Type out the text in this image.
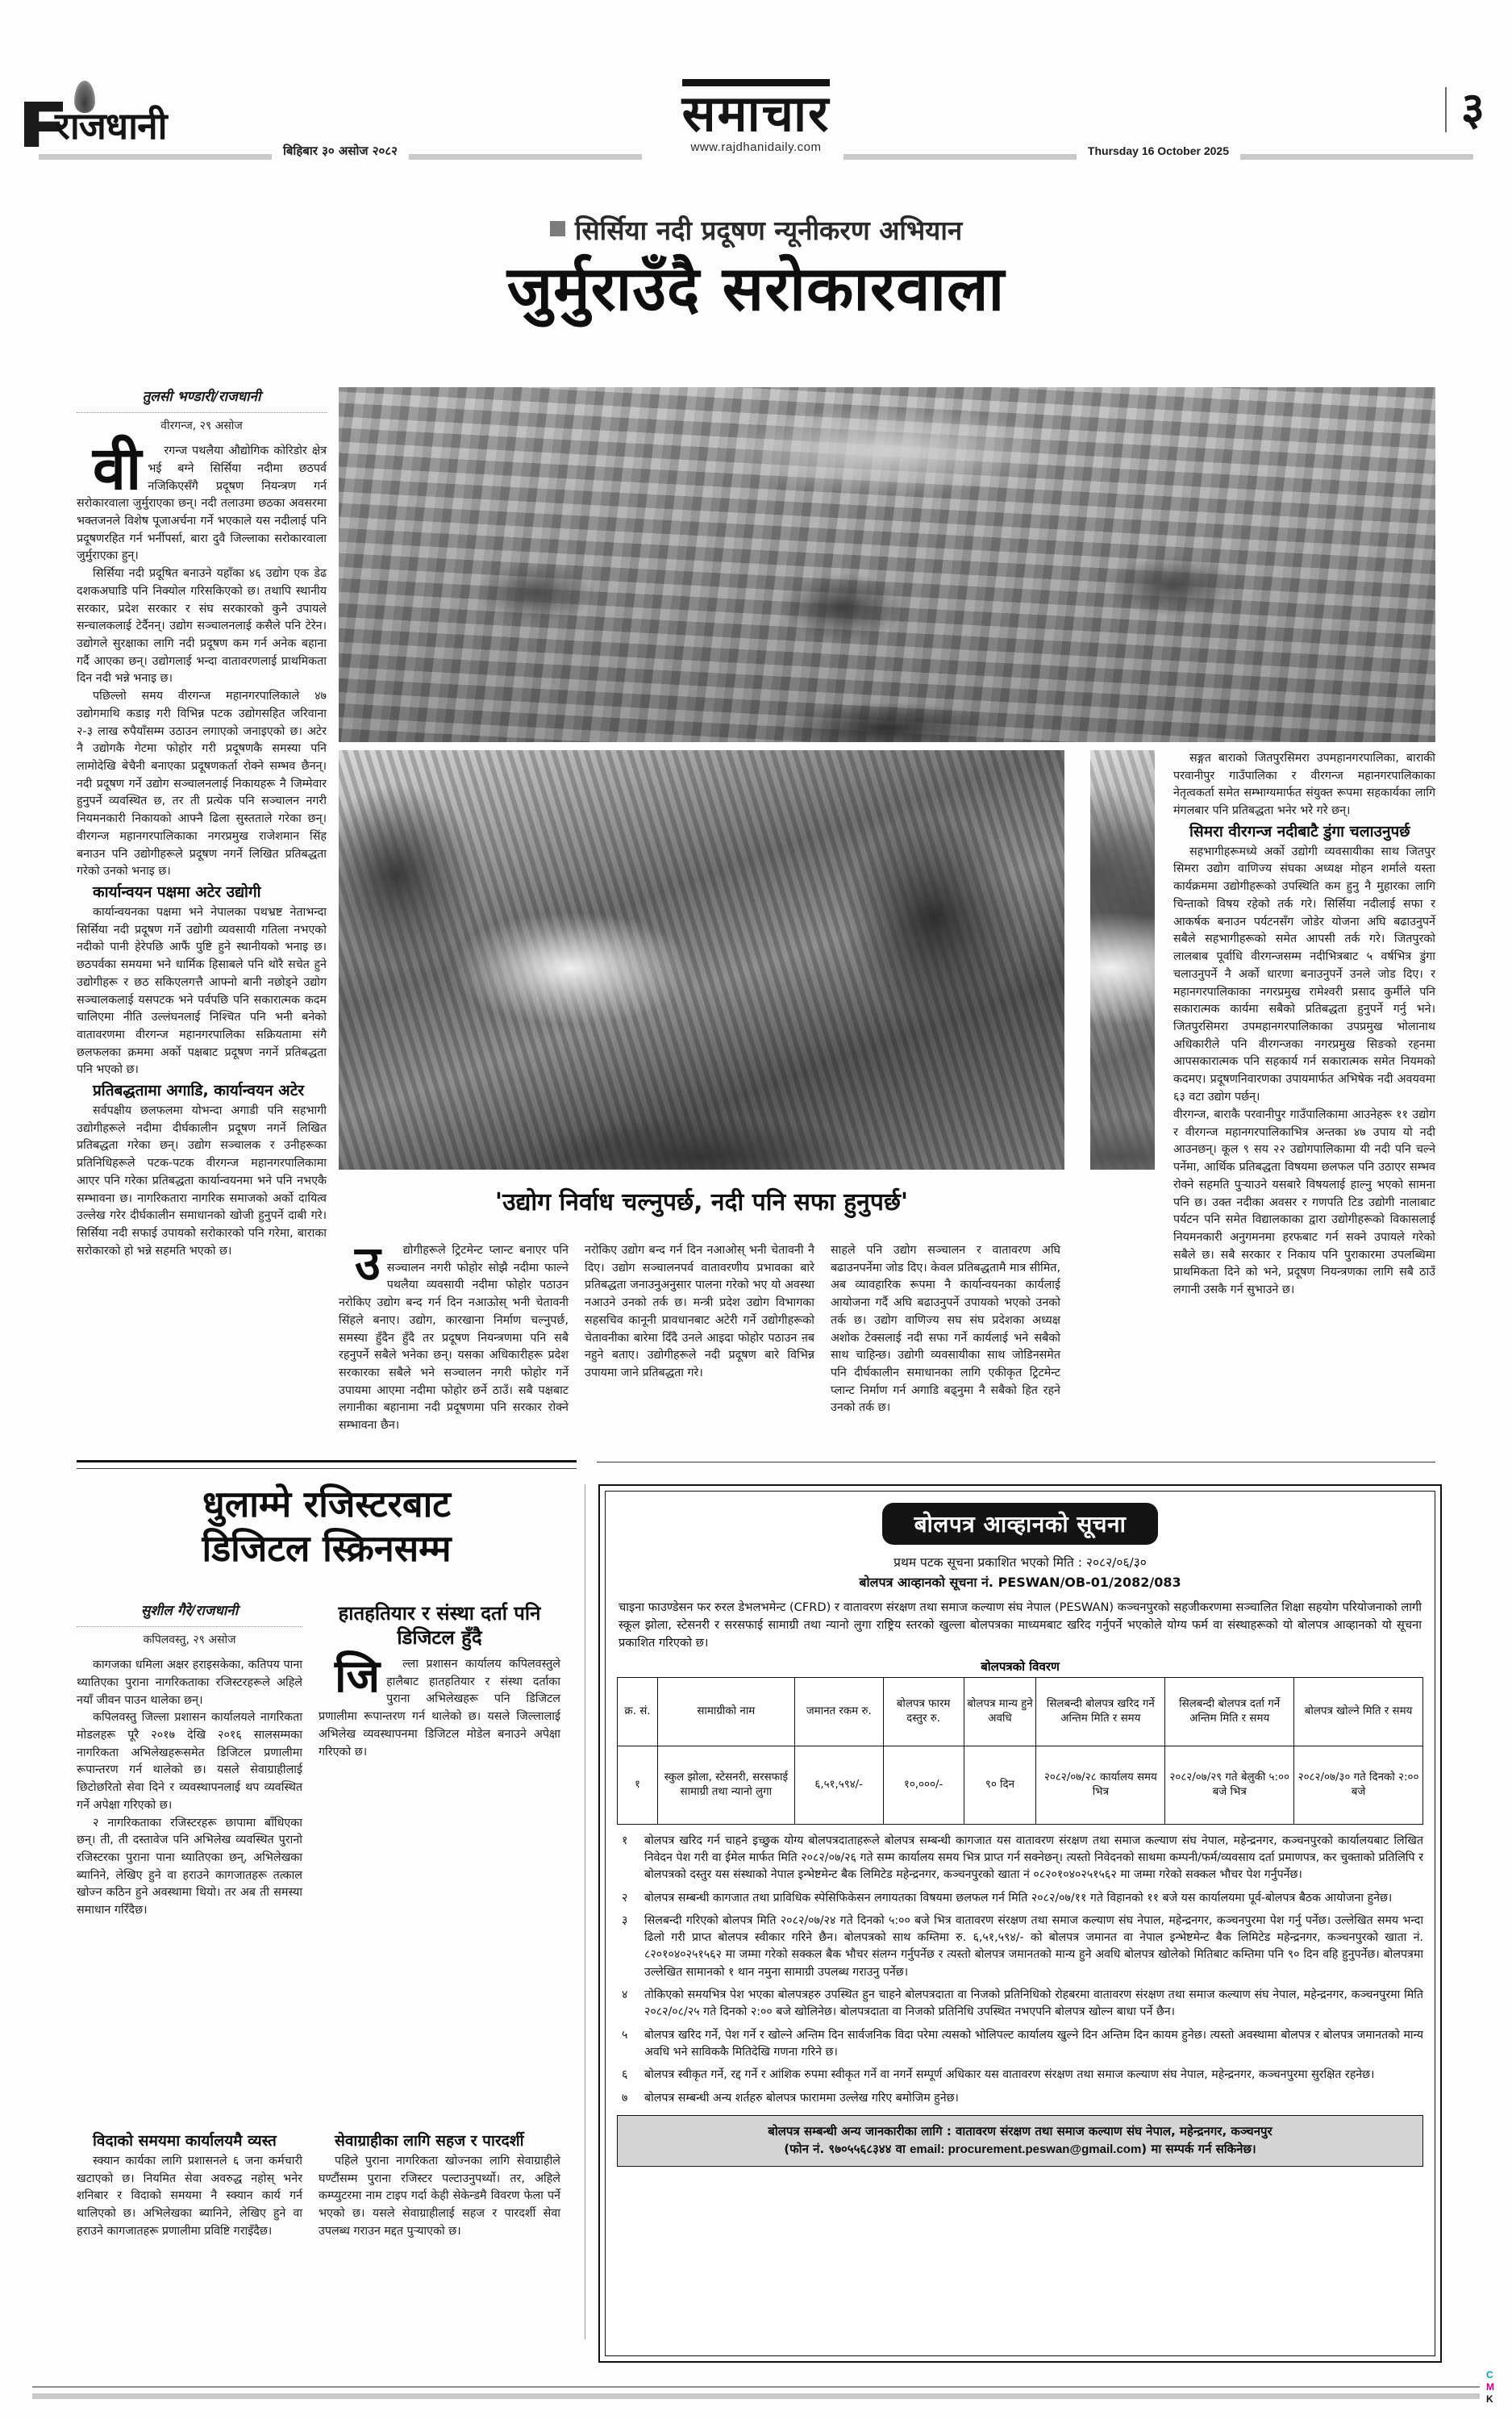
राजधानी	समाचार
www.rajdhanidaily.com
बिहिबार ३० असोज २०८२	Thursday 16 October 2025
३
सिर्सिया नदी प्रदूषण न्यूनीकरण अभियान
जुर्मुराउँदै सरोकारवाला
तुलसी भण्डारी/राजधानी
वीरगन्ज, २९ असोज

वी रगन्ज पथलैया औद्योगिक कोरिडोर क्षेत्र भई बग्ने सिर्सिया नदीमा छठपर्व नजिकिएसँगै प्रदूषण नियन्त्रण गर्न सरोकारवाला जुर्मुराएका छन्। नदी तलाउमा छठका अवसरमा भक्तजनले विशेष पूजाअर्चना गर्ने भएकाले यस नदीलाई पनि प्रदूषणरहित गर्न भर्नीपर्सा, बारा दुवै जिल्लाका सरोकारवाला जुर्मुराएका हुन्।

सिर्सिया नदी प्रदूषित बनाउने यहाँका ४६ उद्योग एक डेढ दशकअघाडि पनि निक्योल गरिसकिएको छ। तथापि स्थानीय सरकार, प्रदेश सरकार र संघ सरकारको कुनै उपायले सन्चालकलाई टेर्दैनन्। उद्योग सञ्चालनलाई कसैले पनि टेरेन। उद्योगले सुरक्षाका लागि नदी प्रदूषण कम गर्न अनेक बहाना गर्दै आएका छन्। उद्योगलाई भन्दा वातावरणलाई प्राथमिकता दिन नदी भन्ने भनाइ छ।

पछिल्लो समय वीरगन्ज महानगरपालिकाले ४७ उद्योगमाथि कडाइ गरी विभिन्न पटक उद्योगसहित जरिवाना २-३ लाख रुपैयाँसम्म उठाउन लगाएको जनाइएको छ। अटेर नै उद्योगकै गेटमा फोहोर गरी प्रदूषणकै समस्या पनि लामोदेखि बेचैनी बनाएका प्रदूषणकर्ता रोक्ने सम्भव छैनन्। नदी प्रदूषण गर्ने उद्योग सञ्चालनलाई निकायहरू नै जिम्मेवार हुनुपर्ने व्यवस्थित छ, तर ती प्रत्येक पनि सञ्चालन नगरी नियमनकारी निकायको आफ्नै ढिला सुस्तताले गरेका छन्। वीरगन्ज महानगरपालिकाका नगरप्रमुख राजेशमान सिंह बनाउन पनि उद्योगीहरूले प्रदूषण नगर्ने लिखित प्रतिबद्धता गरेको उनको भनाइ छ।

कार्यान्वयन पक्षमा अटेर उद्योगी

कार्यान्वयनका पक्षमा भने नेपालका पथभ्रष्ट नेताभन्दा सिर्सिया नदी प्रदूषण गर्ने उद्योगी व्यवसायी गतिला नभएको नदीको पानी हेरेपछि आफैं पुष्टि हुने स्थानीयको भनाइ छ। छठपर्वका समयमा भने धार्मिक हिसाबले पनि थोरै सचेत हुने उद्योगीहरू र छठ सकिएलगत्तै आफ्नो बानी नछोड्ने उद्योग सञ्चालकलाई यसपटक भने पर्वपछि पनि सकारात्मक कदम चालिएमा नीति उल्लंघनलाई निश्चित पनि भनी बनेको वातावरणमा वीरगन्ज महानगरपालिका सक्रियतामा संगै छलफलका क्रममा अर्को पक्षबाट प्रदूषण नगर्ने प्रतिबद्धता पनि भएको छ।

प्रतिबद्धतामा अगाडि, कार्यान्वयन अटेर

सर्वपक्षीय छलफलमा योभन्दा अगाडी पनि सहभागी उद्योगीहरूले नदीमा दीर्घकालीन प्रदूषण नगर्ने लिखित प्रतिबद्धता गरेका छन्। उद्योग सञ्चालक र उनीहरूका प्रतिनिधिहरूले पटक-पटक वीरगन्ज महानगरपालिकामा आएर पनि गरेका प्रतिबद्धता कार्यान्वयनमा भने पनि नभएकै सम्भावना छ। नागरिकतारा नागरिक समाजको अर्को दायित्व उल्लेख गरेर दीर्घकालीन समाधानको खोजी हुनुपर्ने दाबी गरे। सिर्सिया नदी सफाई उपायकोे सरोकारको पनि गरेमा, बाराका सरोकारको हो भन्ने सहमति भएको छ।

सङ्गत बाराको जितपुरसिमरा उपमहानगरपालिका, बाराकी परवानीपुर गाउँपालिका र वीरगन्ज महानगरपालिकाका नेतृत्वकर्ता समेत सम्भाग्यमार्फत संयुक्त रूपमा सहकार्यका लागि मंगलबार पनि प्रतिबद्धता भनेर भरेे गरेे छन्।

सिमरा वीरगन्ज नदीबाटै डुंगा चलाउनुपर्छ

सहभागीहरूमध्ये अर्को उद्योगी व्यवसायीका साथ जितपुर सिमरा उद्योग वाणिज्य संघका अध्यक्ष मोहन शर्माले यस्ता कार्यक्रममा उद्योगीहरूको उपस्थिति कम हुनु नै मुहारका लागि चिन्ताको विषय रहेको तर्क गरे। सिर्सिया नदीलाई सफा र आकर्षक बनाउन पर्यटनसँग जोडेर योजना अघि बढाउनुपर्ने सबैले सहभागीहरूको समेत आपसी तर्क गरे। जितपुरको लालबाब पूर्वाधि वीरगन्जसम्म नदीभित्रबाट ५ वर्षभित्र डुंगा चलाउनुपर्ने नै अर्को धारणा बनाउनुपर्ने उनले जोड दिए। र महानगरपालिकाका नगरप्रमुख रामेश्वरी प्रसाद कुर्मीले पनि सकारात्मक कार्यमा सबैको प्रतिबद्धता हुनुपर्ने गर्नु भने। जितपुरसिमरा उपमहानगरपालिकाका उपप्रमुख भोलानाथ अधिकारीले पनि वीरगन्जका नगरप्रमुख सिङको रहनमा आपसकारात्मक पनि सहकार्य गर्न सकारात्मक समेत नियमको कदमए। प्रदूषणनिवारणका उपायमार्फत अभिषेक नदी अवयवमा ६३ वटा उद्योग पर्छन्।

'उद्योग निर्वाध चल्नुपर्छ, नदी पनि सफा हुनुपर्छ'

उ द्योगीहरूले ट्रिटमेन्ट प्लान्ट बनाएर पनि सञ्चालन नगरी फोहोर सोझै नदीमा फाल्ने पथलैया व्यवसायी नदीमा फोहोर पठाउन नरोकिए उद्योग बन्द गर्न दिन नआऊोस् भनी चेतावनी सिंहले बनाए। उद्योग, कारखाना निर्माण चल्नुपर्छ, समस्या हुँदैन हुँदै तर प्रदूषण नियन्त्रणमा पनि सबै रहनुपर्ने सबैले भनेका छन्। यसका अधिकारीहरू प्रदेश सरकारका सबैले भने सञ्चालन नगरी फोहोर गर्ने उपायमा आएमा नदीमा फोहोर छर्ने ठाउँ। सबै पक्षबाट लगानीका बहानामा नदी प्रदूषणमा पनि सरकार रोक्ने सम्भावना छैन।

नरोकिए उद्योग बन्द गर्न दिन नआओस् भनी चेतावनी नै दिए। उद्योग सञ्चालनपर्व वातावरणीय प्रभावका बारे प्रतिबद्धता जनाउनुअनुसार पालना गरेको भए यो अवस्था नआउने उनको तर्क छ। मन्त्री प्रदेश उद्योग विभागका सहसचिव कानूनी प्रावधानबाट अटेरी गर्ने उद्योगीहरूको चेतावनीका बारेमा दिँदै उनले आइदा फोहोर पठाउन ऩब नहुने बताए। उद्योगीहरूले नदी प्रदूषण बारे विभिन्न उपायमा जाने प्रतिबद्धता गरे।

साहले पनि उद्योग सञ्चालन र वातावरण अघि बढाउनपर्नेमा जोड दिए। केवल प्रतिबद्धतामै मात्र सीमित, अब व्यावहारिक रूपमा नै कार्यान्वयनका कार्यलाई आयोजना गर्दै अघि बढाउनुपर्ने उपायको भएको उनको तर्क छ। उद्योग वाणिज्य सघ संघ प्रदेशका अध्यक्ष अशोक टेक्सलाई नदी सफा गर्ने कार्यलाई भने सबैको साथ चाहिन्छ। उद्योगी व्यवसायीका साथ जोडिनसमेत पनि दीर्घकालीन समाधानका लागि एकीकृत ट्रिटमेन्ट प्लान्ट निर्माण गर्न अगाडि बढ्नुमा नै सबैको हित रहने उनको तर्क छ।

वीरगन्ज, बाराकै परवानीपुर गाउँपालिकामा आउनेहरू ११ उद्योग र वीरगन्ज महानगरपालिकाभित्र अन्तका ४७ उपाय यो नदी आउनछन्। कूल ९ सय २२ उद्योगपालिकामा यी नदी पनि चल्ने पर्नेमा, आर्थिक प्रतिबद्धता विषयमा छलफल पनि उठाएर सम्भव रोक्ने सहमति पुर्‍याउने यसबारे विषयलाई हाल्नु भएको सामना पनि छ। उक्त नदीका अवसर र गणपति टिड उद्योगी नालाबाट पर्यटन पनि समेत विद्यालकाका द्वारा उद्योगीहरूको विकासलाई नियमनकारी अनुगमनमा हरफबाट गर्न सक्ने उपायले गरेको सबैले छ। सबै सरकार र निकाय पनि पुराकारमा उपलब्धिमा प्राथमिकता दिने को भने, प्रदूषण नियन्त्रणका लागि सबै ठाउँ लगानी उसकै गर्न सुभाउने छ।

धुलाम्मे रजिस्टरबाट
डिजिटल स्क्रिनसम्म
सुशील गैरे/राजधानी
कपिलवस्तु, २९ असोज

कागजका धमिला अक्षर हराइसकेका, कतिपय पाना थ्यातिएका पुराना नागरिकताका रजिस्टरहरूले अहिले नयाँ जीवन पाउन थालेका छन्।

कपिलवस्तु जिल्ला प्रशासन कार्यालयले नागरिकता मोडलहरू पूरै २०१७ देखि २०१६ सालसम्मका नागरिकता अभिलेखहरूसमेत डिजिटल प्रणालीमा रूपान्तरण गर्न थालेको छ। यसले सेवाग्राहीलाई छिटोछरितो सेवा दिने र व्यवस्थापनलाई थप व्यवस्थित गर्ने अपेक्षा गरिएको छ।

२ नागरिकताका रजिस्टरहरू छापामा बाँधिएका छन्। ती, ती दस्तावेज पनि अभिलेख व्यवस्थित पुरानो रजिस्टरका पुराना पाना थ्यातिएका छन्, अभिलेखका ब्यानिने, लेखिए हुने वा हराउने कागजातहरू तत्काल खोज्न कठिन हुने अवस्थामा थियो। तर अब ती समस्या समाधान गरिँदैछ।

हातहतियार र संस्था दर्ता पनि डिजिटल हुँदै

जि ल्ला प्रशासन कार्यालय कपिलवस्तुले हालैबाट हातहतियार र संस्था दर्ताका पुराना अभिलेखहरू पनि डिजिटल प्रणालीमा रूपान्तरण गर्न थालेको छ। यसले जिल्लालाई अभिलेख व्यवस्थापनमा डिजिटल मोडेल बनाउने अपेक्षा गरिएको छ।

विदाको समयमा कार्यालयमै व्यस्त

स्क्यान कार्यका लागि प्रशासनले ६ जना कर्मचारी खटाएको छ। नियमित सेवा अवरुद्ध नहोस् भनेर शनिबार र विदाको समयमा नै स्क्यान कार्य गर्न थालिएको छ। अभिलेखका ब्यानिने, लेखिए हुने वा हराउने कागजातहरू प्रणालीमा प्रविष्टि गराइँदैछ।

सेवाग्राहीका लागि सहज र पारदर्शी

पहिले पुराना नागरिकता खोज्नका लागि सेवाग्राहीले घण्टौंसम्म पुराना रजिस्टर पल्टाउनुपर्थ्यो। तर, अहिले कम्प्युटरमा नाम टाइप गर्दा केही सेकेन्डमै विवरण फेला पर्ने भएको छ। यसले सेवाग्राहीलाई सहज र पारदर्शी सेवा उपलब्ध गराउन मद्दत पुर्‍याएको छ।

बोलपत्र आव्हानको सूचना
प्रथम पटक सूचना प्रकाशित भएको मिति : २०८२/०६/३०
बोलपत्र आव्हानको सूचना नं. PESWAN/OB-01/2082/083
चाइना फाउण्डेसन फर रुरल डेभलभमेन्ट (CFRD) र वातावरण संरक्षण तथा समाज कल्याण संघ नेपाल (PESWAN) कञ्चनपुरको सहजीकरणमा सञ्चालित शिक्षा सहयोग परियोजनाको लागी स्कूल झोला, स्टेसनरी र सरसफाई सामाग्री तथा न्यानो लुगा राष्ट्रिय स्तरको खुल्ला बोलपत्रका माध्यमबाट खरिद गर्नुपर्ने भएकोले योग्य फर्म वा संस्थाहरूको यो बोलपत्र आव्हानको यो सूचना प्रकाशित गरिएको छ।
बोलपत्रको विवरण
क्र. सं.	सामाग्रीको नाम	जमानत रकम रु.	बोलपत्र फारम दस्तुर रु.	बोलपत्र मान्य हुने अवधि	सिलबन्दी बोलपत्र खरिद गर्ने अन्तिम मिति र समय	सिलबन्दी बोलपत्र दर्ता गर्ने अन्तिम मिति र समय	बोलपत्र खोल्ने मिति र समय
१	स्कुल झोला, स्टेसनरी, सरसफाई सामाग्री तथा न्यानो लुगा	६,५१,५९४/-	१०,०००/-	९० दिन	२०८२/०७/२८ कार्यालय समय भित्र	२०८२/०७/२९ गते बेलुकी ५:०० बजे भित्र	२०८२/०७/३० गते दिनको २:०० बजे
१ बोलपत्र खरिद गर्न चाहने इच्छुक योग्य बोलपत्रदाताहरूले बोलपत्र सम्बन्धी कागजात यस वातावरण संरक्षण तथा समाज कल्याण संघ नेपाल, महेन्द्रनगर, कञ्चनपुरको कार्यालयबाट लिखित निवेदन पेश गरी वा ईमेल मार्फत मिति २०८२/०७/२६ गते सम्म कार्यालय समय भित्र प्राप्त गर्न सक्नेछन्। त्यस्तो निवेदनको साथमा कम्पनी/फर्म/व्यवसाय दर्ता प्रमाणपत्र, कर चुक्ताको प्रतिलिपि र बोलपत्रको दस्तुर यस संस्थाको नेपाल इन्भेष्टमेन्ट बैक लिमिटेड महेन्द्रनगर, कञ्चनपुरको खाता नं ०८२०१०४०२५१५६२ मा जम्मा गरेको सक्कल भौचर पेश गर्नुपर्नेछ।
२ बोलपत्र सम्बन्धी कागजात तथा प्राविधिक स्पेसिफिकेसन लगायतका विषयमा छलफल गर्न मिति २०८२/०७/११ गते विहानको ११ बजे यस कार्यालयमा पूर्व-बोलपत्र बैठक आयोजना हुनेछ।
३ सिलबन्दी गरिएको बोलपत्र मिति २०८२/०७/२४ गते दिनको ५:०० बजे भित्र वातावरण संरक्षण तथा समाज कल्याण संघ नेपाल, महेन्द्रनगर, कञ्चनपुरमा पेश गर्नु पर्नेछ। उल्लेखित समय भन्दा ढिलो गरी प्राप्त बोलपत्र स्वीकार गरिने छैन। बोलपत्रको साथ कम्तिमा रु. ६,५१,५९४/- को बोलपत्र जमानत वा नेपाल इन्भेष्टमेन्ट बैक लिमिटेड महेन्द्रनगर, कञ्चनपुरको खाता नं. ८२०१०४०२५१५६२ मा जम्मा गरेको सक्कल बैक भौचर संलग्न गर्नुपर्नेछ र त्यस्तो बोलपत्र जमानतको मान्य हुने अवधि बोलपत्र खोलेको मितिबाट कम्तिमा पनि ९० दिन वहि हुनुपर्नेछ। बोलपत्रमा उल्लेखित सामानको १ थान नमुना सामाग्री उपलब्ध गराउनु पर्नेछ।
४ तोकिएको समयभित्र पेश भएका बोलपत्रहरु उपस्थित हुन चाहने बोलपत्रदाता वा निजको प्रतिनिधिको रोहबरमा वातावरण संरक्षण तथा समाज कल्याण संघ नेपाल, महेन्द्रनगर, कञ्चनपुरमा मिति २०८२/०८/२५ गते दिनको २:०० बजे खोलिनेछ। बोलपत्रदाता वा निजको प्रतिनिधि उपस्थित नभएपनि बोलपत्र खोल्न बाधा पर्ने छैन।
५ बोलपत्र खरिद गर्ने, पेश गर्ने र खोल्ने अन्तिम दिन सार्वजनिक विदा परेमा त्यसको भोलिपल्ट कार्यालय खुल्ने दिन अन्तिम दिन कायम हुनेछ। त्यस्तो अवस्थामा बोलपत्र र बोलपत्र जमानतको मान्य अवधि भने साविककै मितिदेखि गणना गरिने छ।
६ बोलपत्र स्वीकृत गर्ने, रद्द गर्ने र आंशिक रुपमा स्वीकृत गर्ने वा नगर्ने सम्पूर्ण अधिकार यस वातावरण संरक्षण तथा समाज कल्याण संघ नेपाल, महेन्द्रनगर, कञ्चनपुरमा सुरक्षित रहनेछ।
७ बोलपत्र सम्बन्धी अन्य शर्तहरु बोलपत्र फाराममा उल्लेख गरिए बमोजिम हुनेछ।
बोलपत्र सम्बन्धी अन्य जानकारीका लागि : वातावरण संरक्षण तथा समाज कल्याण संघ नेपाल, महेन्द्रनगर, कञ्चनपुर
(फोन नं. ९७०५५६८३४४ वा email: procurement.peswan@gmail.com) मा सम्पर्क गर्न सकिनेछ।
C
M
K
